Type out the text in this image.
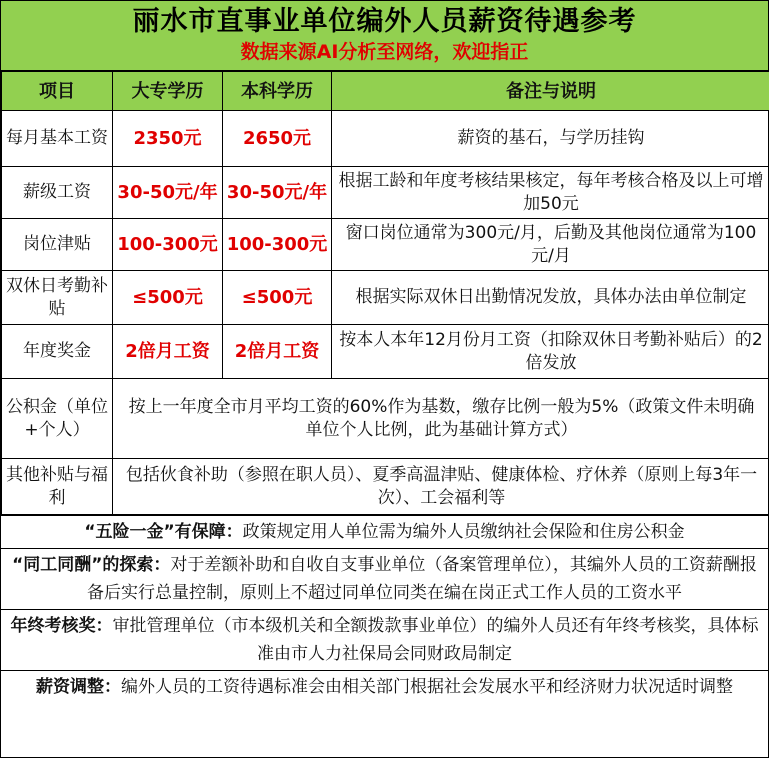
丽水市直事业单位编外人员薪资待遇参考
数据来源AI分析至网络，欢迎指正
项目	大专学历	本科学历	备注与说明
每月基本工资	2350元	2650元	薪资的基石，与学历挂钩
薪级工资	30-50元/年	30-50元/年	根据工龄和年度考核结果核定，每年考核合格及以上可增加50元
岗位津贴	100-300元	100-300元	窗口岗位通常为300元/月，后勤及其他岗位通常为100元/月
双休日考勤补贴	≤500元	≤500元	根据实际双休日出勤情况发放，具体办法由单位制定
年度奖金	2倍月工资	2倍月工资	按本人本年12月份月工资（扣除双休日考勤补贴后）的2倍发放
公积金（单位+个人）	按上一年度全市月平均工资的60%作为基数，缴存比例一般为5%（政策文件未明确单位个人比例，此为基础计算方式）		
其他补贴与福利	包括伙食补助（参照在职人员）、夏季高温津贴、健康体检、疗休养（原则上每3年一次）、工会福利等		
“五险一金”有保障：政策规定用人单位需为编外人员缴纳社会保险和住房公积金
“同工同酬”的探索：对于差额补助和自收自支事业单位（备案管理单位），其编外人员的工资薪酬报备后实行总量控制，原则上不超过同单位同类在编在岗正式工作人员的工资水平
年终考核奖：审批管理单位（市本级机关和全额拨款事业单位）的编外人员还有年终考核奖，具体标准由市人力社保局会同财政局制定
薪资调整：编外人员的工资待遇标准会由相关部门根据社会发展水平和经济财力状况适时调整
